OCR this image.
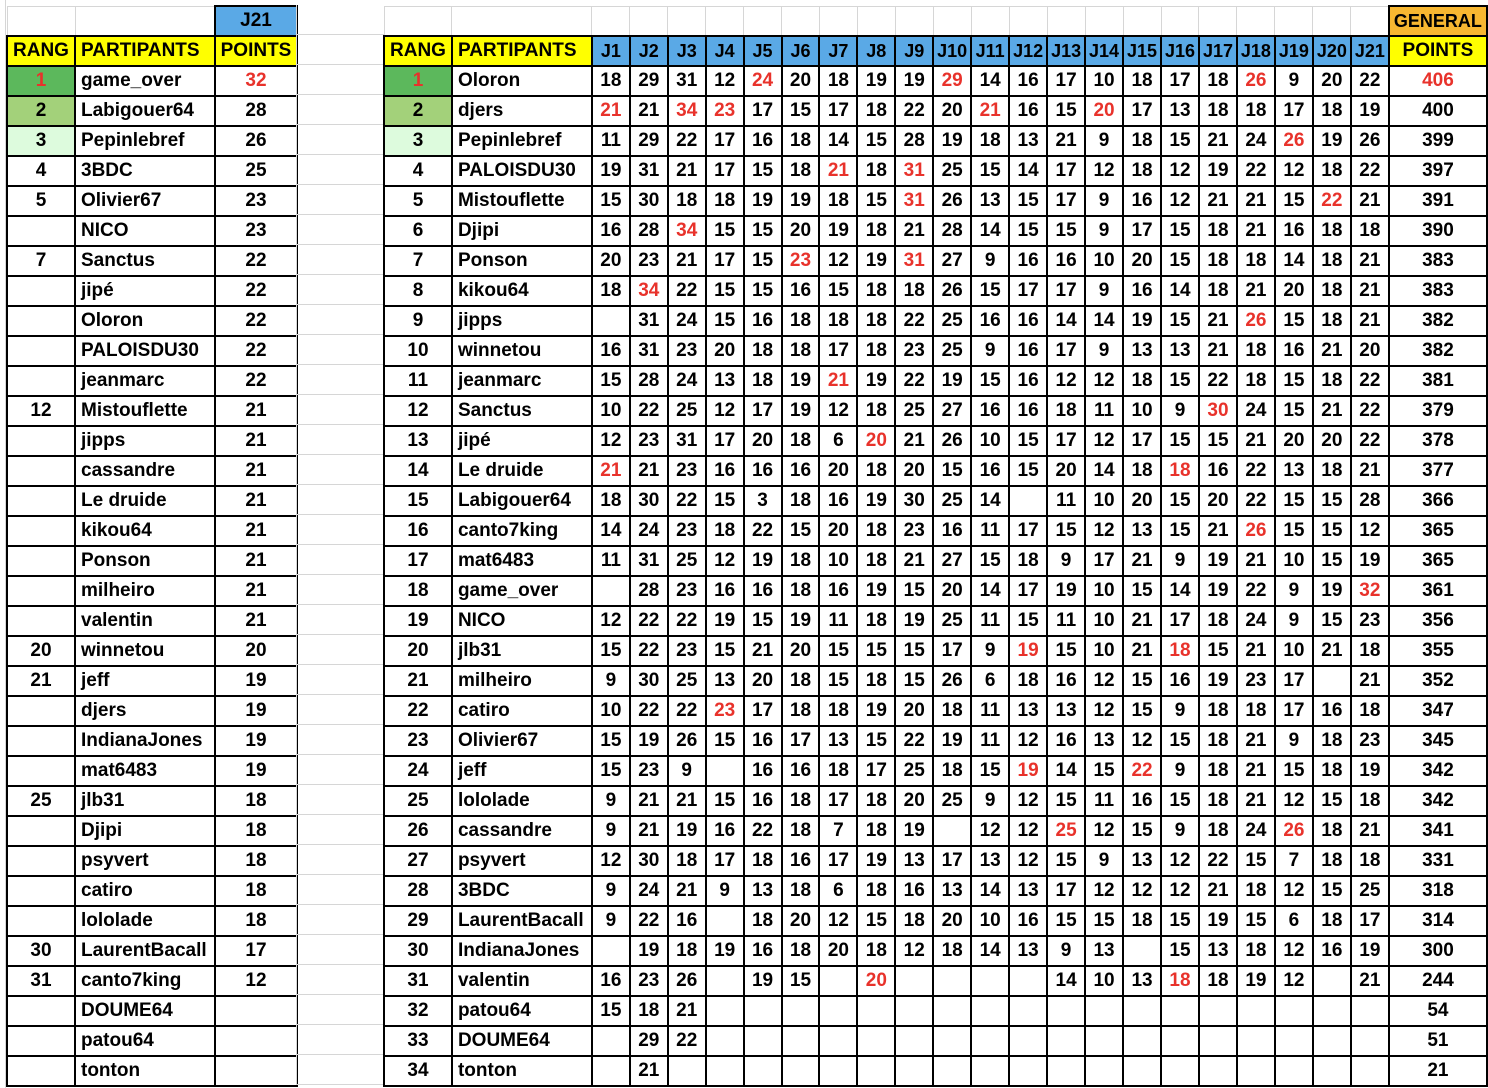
		J21
RANG	PARTIPANTS	POINTS
1	game_over	32
2	Labigouer64	28
3	Pepinlebref	26
4	3BDC	25
5	Olivier67	23
	NICO	23
7	Sanctus	22
	jipé	22
	Oloron	22
	PALOISDU30	22
	jeanmarc	22
12	Mistouflette	21
	jipps	21
	cassandre	21
	Le druide	21
	kikou64	21
	Ponson	21
	milheiro	21
	valentin	21
20	winnetou	20
21	jeff	19
	djers	19
	IndianaJones	19
	mat6483	19
25	jlb31	18
	Djipi	18
	psyvert	18
	catiro	18
	lololade	18
30	LaurentBacall	17
31	canto7king	12
	DOUME64	
	patou64	
	tonton	
																							GENERAL
RANG	PARTIPANTS	J1	J2	J3	J4	J5	J6	J7	J8	J9	J10	J11	J12	J13	J14	J15	J16	J17	J18	J19	J20	J21	POINTS
1	Oloron	18	29	31	12	24	20	18	19	19	29	14	16	17	10	18	17	18	26	9	20	22	406
2	djers	21	21	34	23	17	15	17	18	22	20	21	16	15	20	17	13	18	18	17	18	19	400
3	Pepinlebref	11	29	22	17	16	18	14	15	28	19	18	13	21	9	18	15	21	24	26	19	26	399
4	PALOISDU30	19	31	21	17	15	18	21	18	31	25	15	14	17	12	18	12	19	22	12	18	22	397
5	Mistouflette	15	30	18	18	19	19	18	15	31	26	13	15	17	9	16	12	21	21	15	22	21	391
6	Djipi	16	28	34	15	15	20	19	18	21	28	14	15	15	9	17	15	18	21	16	18	18	390
7	Ponson	20	23	21	17	15	23	12	19	31	27	9	16	16	10	20	15	18	18	14	18	21	383
8	kikou64	18	34	22	15	15	16	15	18	18	26	15	17	17	9	16	14	18	21	20	18	21	383
9	jipps		31	24	15	16	18	18	18	22	25	16	16	14	14	19	15	21	26	15	18	21	382
10	winnetou	16	31	23	20	18	18	17	18	23	25	9	16	17	9	13	13	21	18	16	21	20	382
11	jeanmarc	15	28	24	13	18	19	21	19	22	19	15	16	12	12	18	15	22	18	15	18	22	381
12	Sanctus	10	22	25	12	17	19	12	18	25	27	16	16	18	11	10	9	30	24	15	21	22	379
13	jipé	12	23	31	17	20	18	6	20	21	26	10	15	17	12	17	15	15	21	20	20	22	378
14	Le druide	21	21	23	16	16	16	20	18	20	15	16	15	20	14	18	18	16	22	13	18	21	377
15	Labigouer64	18	30	22	15	3	18	16	19	30	25	14		11	10	20	15	20	22	15	15	28	366
16	canto7king	14	24	23	18	22	15	20	18	23	16	11	17	15	12	13	15	21	26	15	15	12	365
17	mat6483	11	31	25	12	19	18	10	18	21	27	15	18	9	17	21	9	19	21	10	15	19	365
18	game_over		28	23	16	16	18	16	19	15	20	14	17	19	10	15	14	19	22	9	19	32	361
19	NICO	12	22	22	19	15	19	11	18	19	25	11	15	11	10	21	17	18	24	9	15	23	356
20	jlb31	15	22	23	15	21	20	15	15	15	17	9	19	15	10	21	18	15	21	10	21	18	355
21	milheiro	9	30	25	13	20	18	15	18	15	26	6	18	16	12	15	16	19	23	17		21	352
22	catiro	10	22	22	23	17	18	18	19	20	18	11	13	13	12	15	9	18	18	17	16	18	347
23	Olivier67	15	19	26	15	16	17	13	15	22	19	11	12	16	13	12	15	18	21	9	18	23	345
24	jeff	15	23	9		16	16	18	17	25	18	15	19	14	15	22	9	18	21	15	18	19	342
25	lololade	9	21	21	15	16	18	17	18	20	25	9	12	15	11	16	15	18	21	12	15	18	342
26	cassandre	9	21	19	16	22	18	7	18	19		12	12	25	12	15	9	18	24	26	18	21	341
27	psyvert	12	30	18	17	18	16	17	19	13	17	13	12	15	9	13	12	22	15	7	18	18	331
28	3BDC	9	24	21	9	13	18	6	18	16	13	14	13	17	12	12	12	21	18	12	15	25	318
29	LaurentBacall	9	22	16		18	20	12	15	18	20	10	16	15	15	18	15	19	15	6	18	17	314
30	IndianaJones		19	18	19	16	18	20	18	12	18	14	13	9	13		15	13	18	12	16	19	300
31	valentin	16	23	26		19	15		20					14	10	13	18	18	19	12		21	244
32	patou64	15	18	21																			54
33	DOUME64		29	22																			51
34	tonton		21																				21
